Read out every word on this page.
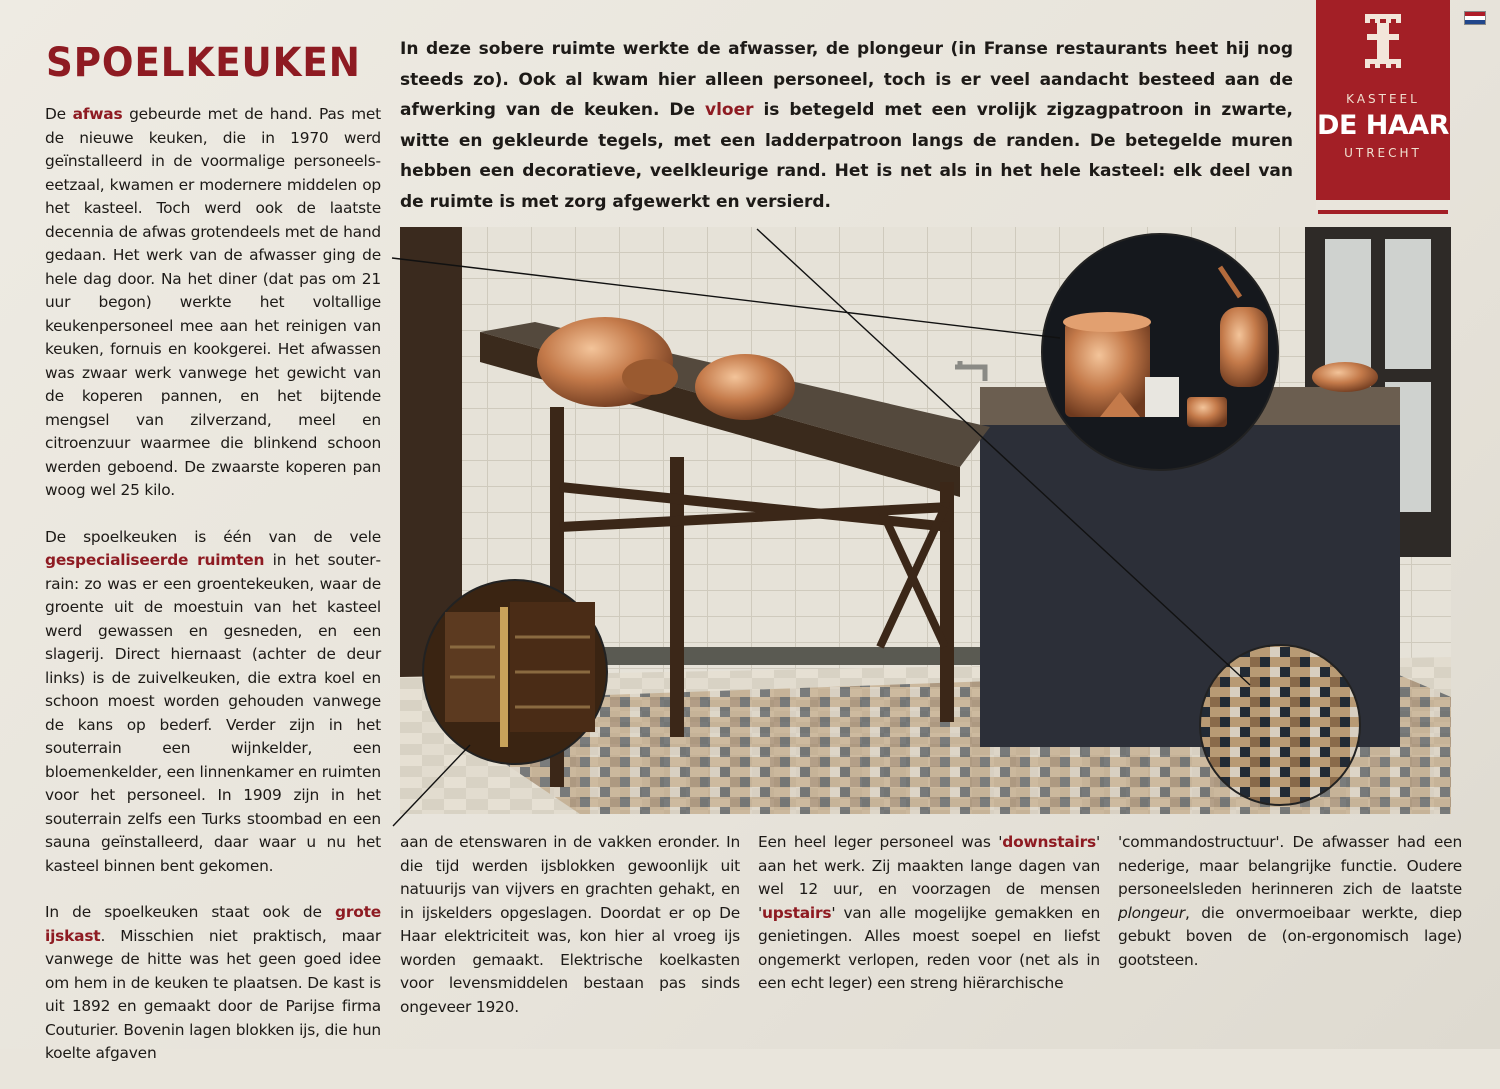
SPOELKEUKEN In deze sobere ruimte werkte de afwasser, de plongeur (in Franse restaurants heet hij nog steeds zo). Ook al kwam hier alleen personeel, toch is er veel aandacht besteed aan de afwerking van de keuken. De vloer is betegeld met een vrolijk zigzagpatroon in zwarte, witte en gekleurde tegels, met een ladderpatroon langs de randen. De betegelde muren hebben een decoratieve, veelkleurige rand. Het is net als in het hele kasteel: elk deel van de ruimte is met zorg afgewerkt en versierd.
KASTEEL
DE HAAR
UTRECHT

De afwas gebeurde met de hand. Pas met de nieuwe keuken, die in 1970 werd geïnstalleerd in de voormalige personeelseetzaal, kwamen er modernere middelen op het kasteel. Toch werd ook de laatste decennia de afwas grotendeels met de hand gedaan. Het werk van de afwasser ging de hele dag door. Na het diner (dat pas om 21 uur begon) werkte het voltallige keukenpersoneel mee aan het reinigen van keuken, fornuis en kookgerei. Het afwassen was zwaar werk vanwege het gewicht van de koperen pannen, en het bijtende mengsel van zilverzand, meel en citroenzuur waarmee die blinkend schoon werden geboend. De zwaarste koperen pan woog wel 25 kilo.

De spoelkeuken is één van de vele gespecialiseerde ruimten in het souterrain: zo was er een groentekeuken, waar de groente uit de moestuin van het kasteel werd gewassen en gesneden, en een slagerij. Direct hiernaast (achter de deur links) is de zuivelkeuken, die extra koel en schoon moest worden gehouden vanwege de kans op bederf. Verder zijn in het souterrain een wijnkelder, een bloemenkelder, een linnenkamer en ruimten voor het personeel. In 1909 zijn in het souterrain zelfs een Turks stoombad en een sauna geïnstalleerd, daar waar u nu het kasteel binnen bent gekomen.

In de spoelkeuken staat ook de grote ijskast. Misschien niet praktisch, maar vanwege de hitte was het geen goed idee om hem in de keuken te plaatsen. De kast is uit 1892 en gemaakt door de Parijse firma Couturier. Bovenin lagen blokken ijs, die hun koelte afgaven

aan de etenswaren in de vakken eronder. In die tijd werden ijsblokken gewoonlijk uit natuurijs van vijvers en grachten gehakt, en in ijskelders opgeslagen. Doordat er op De Haar elektriciteit was, kon hier al vroeg ijs worden gemaakt. Elektrische koelkasten voor levensmiddelen bestaan pas sinds ongeveer 1920.

Een heel leger personeel was 'downstairs' aan het werk. Zij maakten lange dagen van wel 12 uur, en voorzagen de mensen 'upstairs' van alle mogelijke gemakken en genietingen. Alles moest soepel en liefst ongemerkt verlopen, reden voor (net als in een echt leger) een streng hiërarchische

'commandostructuur'. De afwasser had een nederige, maar belangrijke functie. Oudere personeelsleden herinneren zich de laatste plongeur, die onvermoeibaar werkte, diep gebukt boven de (on-ergonomisch lage) gootsteen.
